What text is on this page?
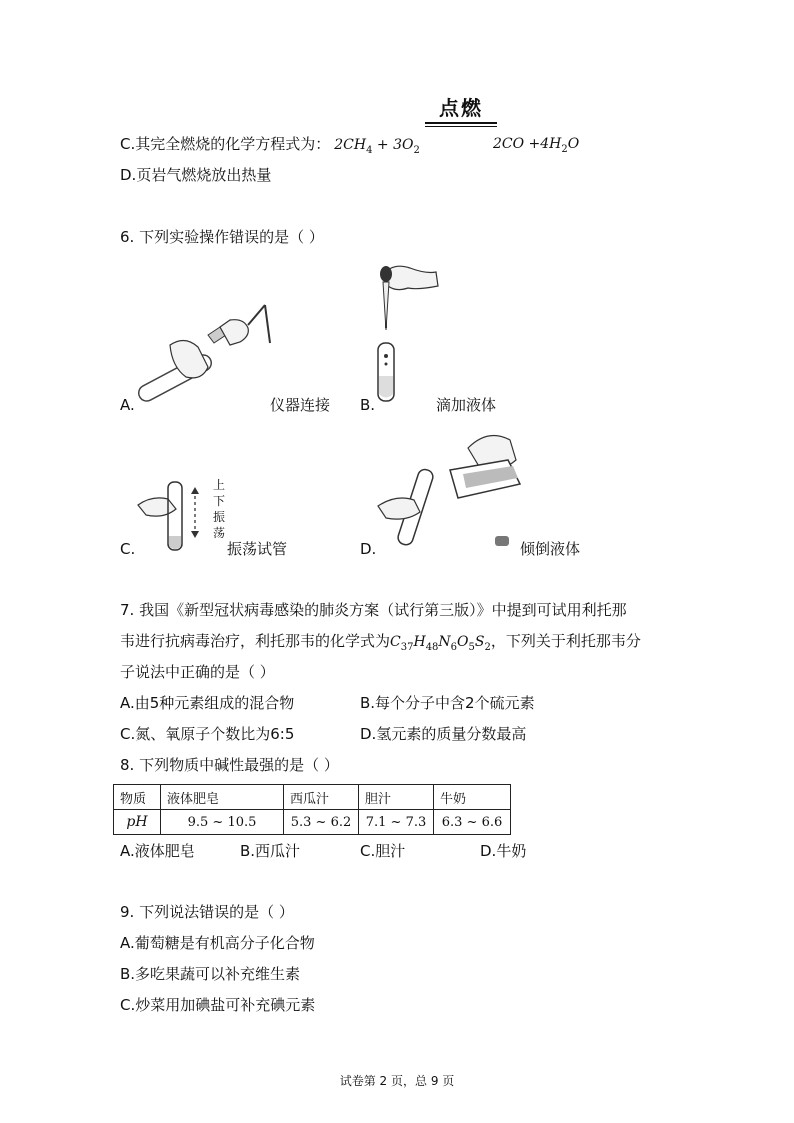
点燃
C.其完全燃烧的化学方程式为： $2CH_4 + 3O_2$	$2CO +4H_2O$
D.页岩气燃烧放出热量
6. 下列实验操作错误的是（ ）
A.	仪器连接 B.	滴加液体
上
下
振
荡
C.	振荡试管	D.	倾倒液体
7. 我国《新型冠状病毒感染的肺炎方案（试行第三版）》中提到可试用利托那
韦进行抗病毒治疗，利托那韦的化学式为$C_{37}H_{48}N_6O_5S_2$，下列关于利托那韦分
子说法中正确的是（ ）
A.由5种元素组成的混合物	B.每个分子中含2个硫元素
C.氮、氧原子个数比为6:5	D.氢元素的质量分数最高
8. 下列物质中碱性最强的是（ ）
物质	液体肥皂	西瓜汁	胆汁	牛奶
pH	9.5 ~ 10.5	5.3 ~ 6.2	7.1 ~ 7.3	6.3 ~ 6.6
A.液体肥皂	B.西瓜汁	C.胆汁	D.牛奶
9. 下列说法错误的是（ ）
A.葡萄糖是有机高分子化合物
B.多吃果蔬可以补充维生素
C.炒菜用加碘盐可补充碘元素
试卷第 2 页，总 9 页
